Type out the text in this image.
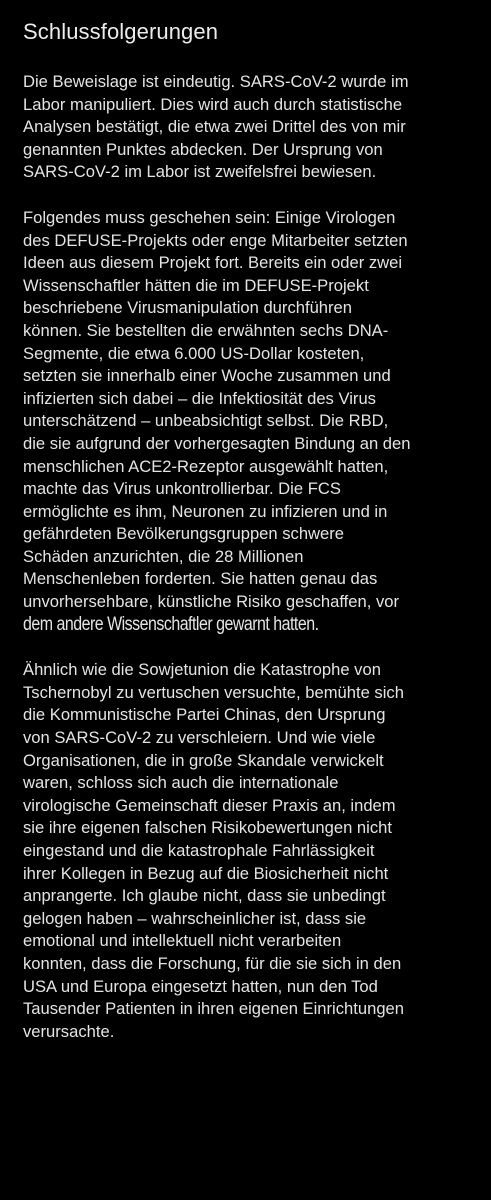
Schlussfolgerungen
Die Beweislage ist eindeutig. SARS-CoV-2 wurde im
Labor manipuliert. Dies wird auch durch statistische
Analysen bestätigt, die etwa zwei Drittel des von mir
genannten Punktes abdecken. Der Ursprung von
SARS-CoV-2 im Labor ist zweifelsfrei bewiesen.
Folgendes muss geschehen sein: Einige Virologen
des DEFUSE-Projekts oder enge Mitarbeiter setzten
Ideen aus diesem Projekt fort. Bereits ein oder zwei
Wissenschaftler hätten die im DEFUSE-Projekt
beschriebene Virusmanipulation durchführen
können. Sie bestellten die erwähnten sechs DNA-
Segmente, die etwa 6.000 US-Dollar kosteten,
setzten sie innerhalb einer Woche zusammen und
infizierten sich dabei – die Infektiosität des Virus
unterschätzend – unbeabsichtigt selbst. Die RBD,
die sie aufgrund der vorhergesagten Bindung an den
menschlichen ACE2-Rezeptor ausgewählt hatten,
machte das Virus unkontrollierbar. Die FCS
ermöglichte es ihm, Neuronen zu infizieren und in
gefährdeten Bevölkerungsgruppen schwere
Schäden anzurichten, die 28 Millionen
Menschenleben forderten. Sie hatten genau das
unvorhersehbare, künstliche Risiko geschaffen, vor
dem andere Wissenschaftler gewarnt hatten.
Ähnlich wie die Sowjetunion die Katastrophe von
Tschernobyl zu vertuschen versuchte, bemühte sich
die Kommunistische Partei Chinas, den Ursprung
von SARS-CoV-2 zu verschleiern. Und wie viele
Organisationen, die in große Skandale verwickelt
waren, schloss sich auch die internationale
virologische Gemeinschaft dieser Praxis an, indem
sie ihre eigenen falschen Risikobewertungen nicht
eingestand und die katastrophale Fahrlässigkeit
ihrer Kollegen in Bezug auf die Biosicherheit nicht
anprangerte. Ich glaube nicht, dass sie unbedingt
gelogen haben – wahrscheinlicher ist, dass sie
emotional und intellektuell nicht verarbeiten
konnten, dass die Forschung, für die sie sich in den
USA und Europa eingesetzt hatten, nun den Tod
Tausender Patienten in ihren eigenen Einrichtungen
verursachte.
